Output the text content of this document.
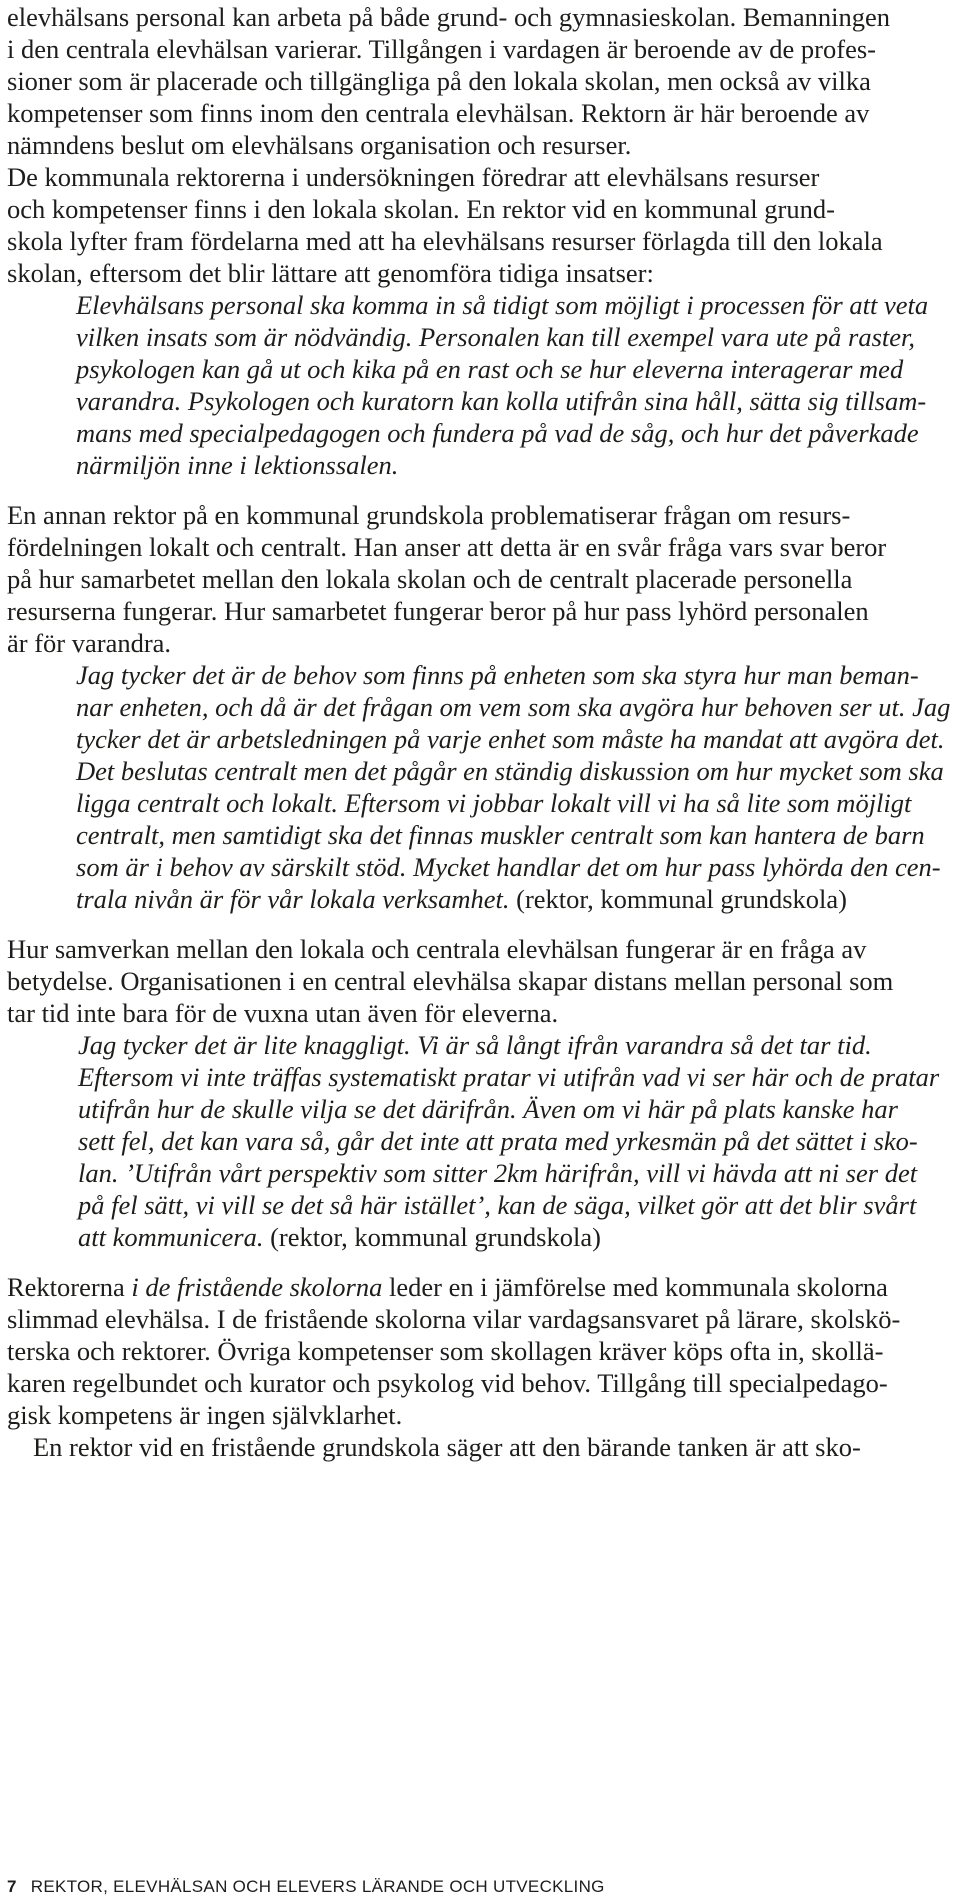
elevhälsans personal kan arbeta på både grund- och gymnasieskolan. Bemanningen
i den centrala elevhälsan varierar. Tillgången i vardagen är beroende av de profes-
sioner som är placerade och tillgängliga på den lokala skolan, men också av vilka
kompetenser som finns inom den centrala elevhälsan. Rektorn är här beroende av
nämndens beslut om elevhälsans organisation och resurser.
De kommunala rektorerna i undersökningen föredrar att elevhälsans resurser
och kompetenser finns i den lokala skolan. En rektor vid en kommunal grund-
skola lyfter fram fördelarna med att ha elevhälsans resurser förlagda till den lokala
skolan, eftersom det blir lättare att genomföra tidiga insatser:
Elevhälsans personal ska komma in så tidigt som möjligt i processen för att veta
vilken insats som är nödvändig. Personalen kan till exempel vara ute på raster,
psykologen kan gå ut och kika på en rast och se hur eleverna interagerar med
varandra. Psykologen och kuratorn kan kolla utifrån sina håll, sätta sig tillsam-
mans med specialpedagogen och fundera på vad de såg, och hur det påverkade
närmiljön inne i lektionssalen.
En annan rektor på en kommunal grundskola problematiserar frågan om resurs-
fördelningen lokalt och centralt. Han anser att detta är en svår fråga vars svar beror
på hur samarbetet mellan den lokala skolan och de centralt placerade personella
resurserna fungerar. Hur samarbetet fungerar beror på hur pass lyhörd personalen
är för varandra.
Jag tycker det är de behov som finns på enheten som ska styra hur man beman-
nar enheten, och då är det frågan om vem som ska avgöra hur behoven ser ut. Jag
tycker det är arbetsledningen på varje enhet som måste ha mandat att avgöra det.
Det beslutas centralt men det pågår en ständig diskussion om hur mycket som ska
ligga centralt och lokalt. Eftersom vi jobbar lokalt vill vi ha så lite som möjligt
centralt, men samtidigt ska det finnas muskler centralt som kan hantera de barn
som är i behov av särskilt stöd. Mycket handlar det om hur pass lyhörda den cen-
trala nivån är för vår lokala verksamhet. (rektor, kommunal grundskola)
Hur samverkan mellan den lokala och centrala elevhälsan fungerar är en fråga av
betydelse. Organisationen i en central elevhälsa skapar distans mellan personal som
tar tid inte bara för de vuxna utan även för eleverna.
Jag tycker det är lite knaggligt. Vi är så långt ifrån varandra så det tar tid.
Eftersom vi inte träffas systematiskt pratar vi utifrån vad vi ser här och de pratar
utifrån hur de skulle vilja se det därifrån. Även om vi här på plats kanske har
sett fel, det kan vara så, går det inte att prata med yrkesmän på det sättet i sko-
lan. ’Utifrån vårt perspektiv som sitter 2km härifrån, vill vi hävda att ni ser det
på fel sätt, vi vill se det så här istället’, kan de säga, vilket gör att det blir svårt
att kommunicera. (rektor, kommunal grundskola)
Rektorerna i de fristående skolorna leder en i jämförelse med kommunala skolorna
slimmad elevhälsa. I de fristående skolorna vilar vardagsansvaret på lärare, skolskö-
terska och rektorer. Övriga kompetenser som skollagen kräver köps ofta in, skollä-
karen regelbundet och kurator och psykolog vid behov. Tillgång till specialpedago-
gisk kompetens är ingen självklarhet.
En rektor vid en fristående grundskola säger att den bärande tanken är att sko-
7 REKTOR, ELEVHÄLSAN OCH ELEVERS LÄRANDE OCH UTVECKLING
